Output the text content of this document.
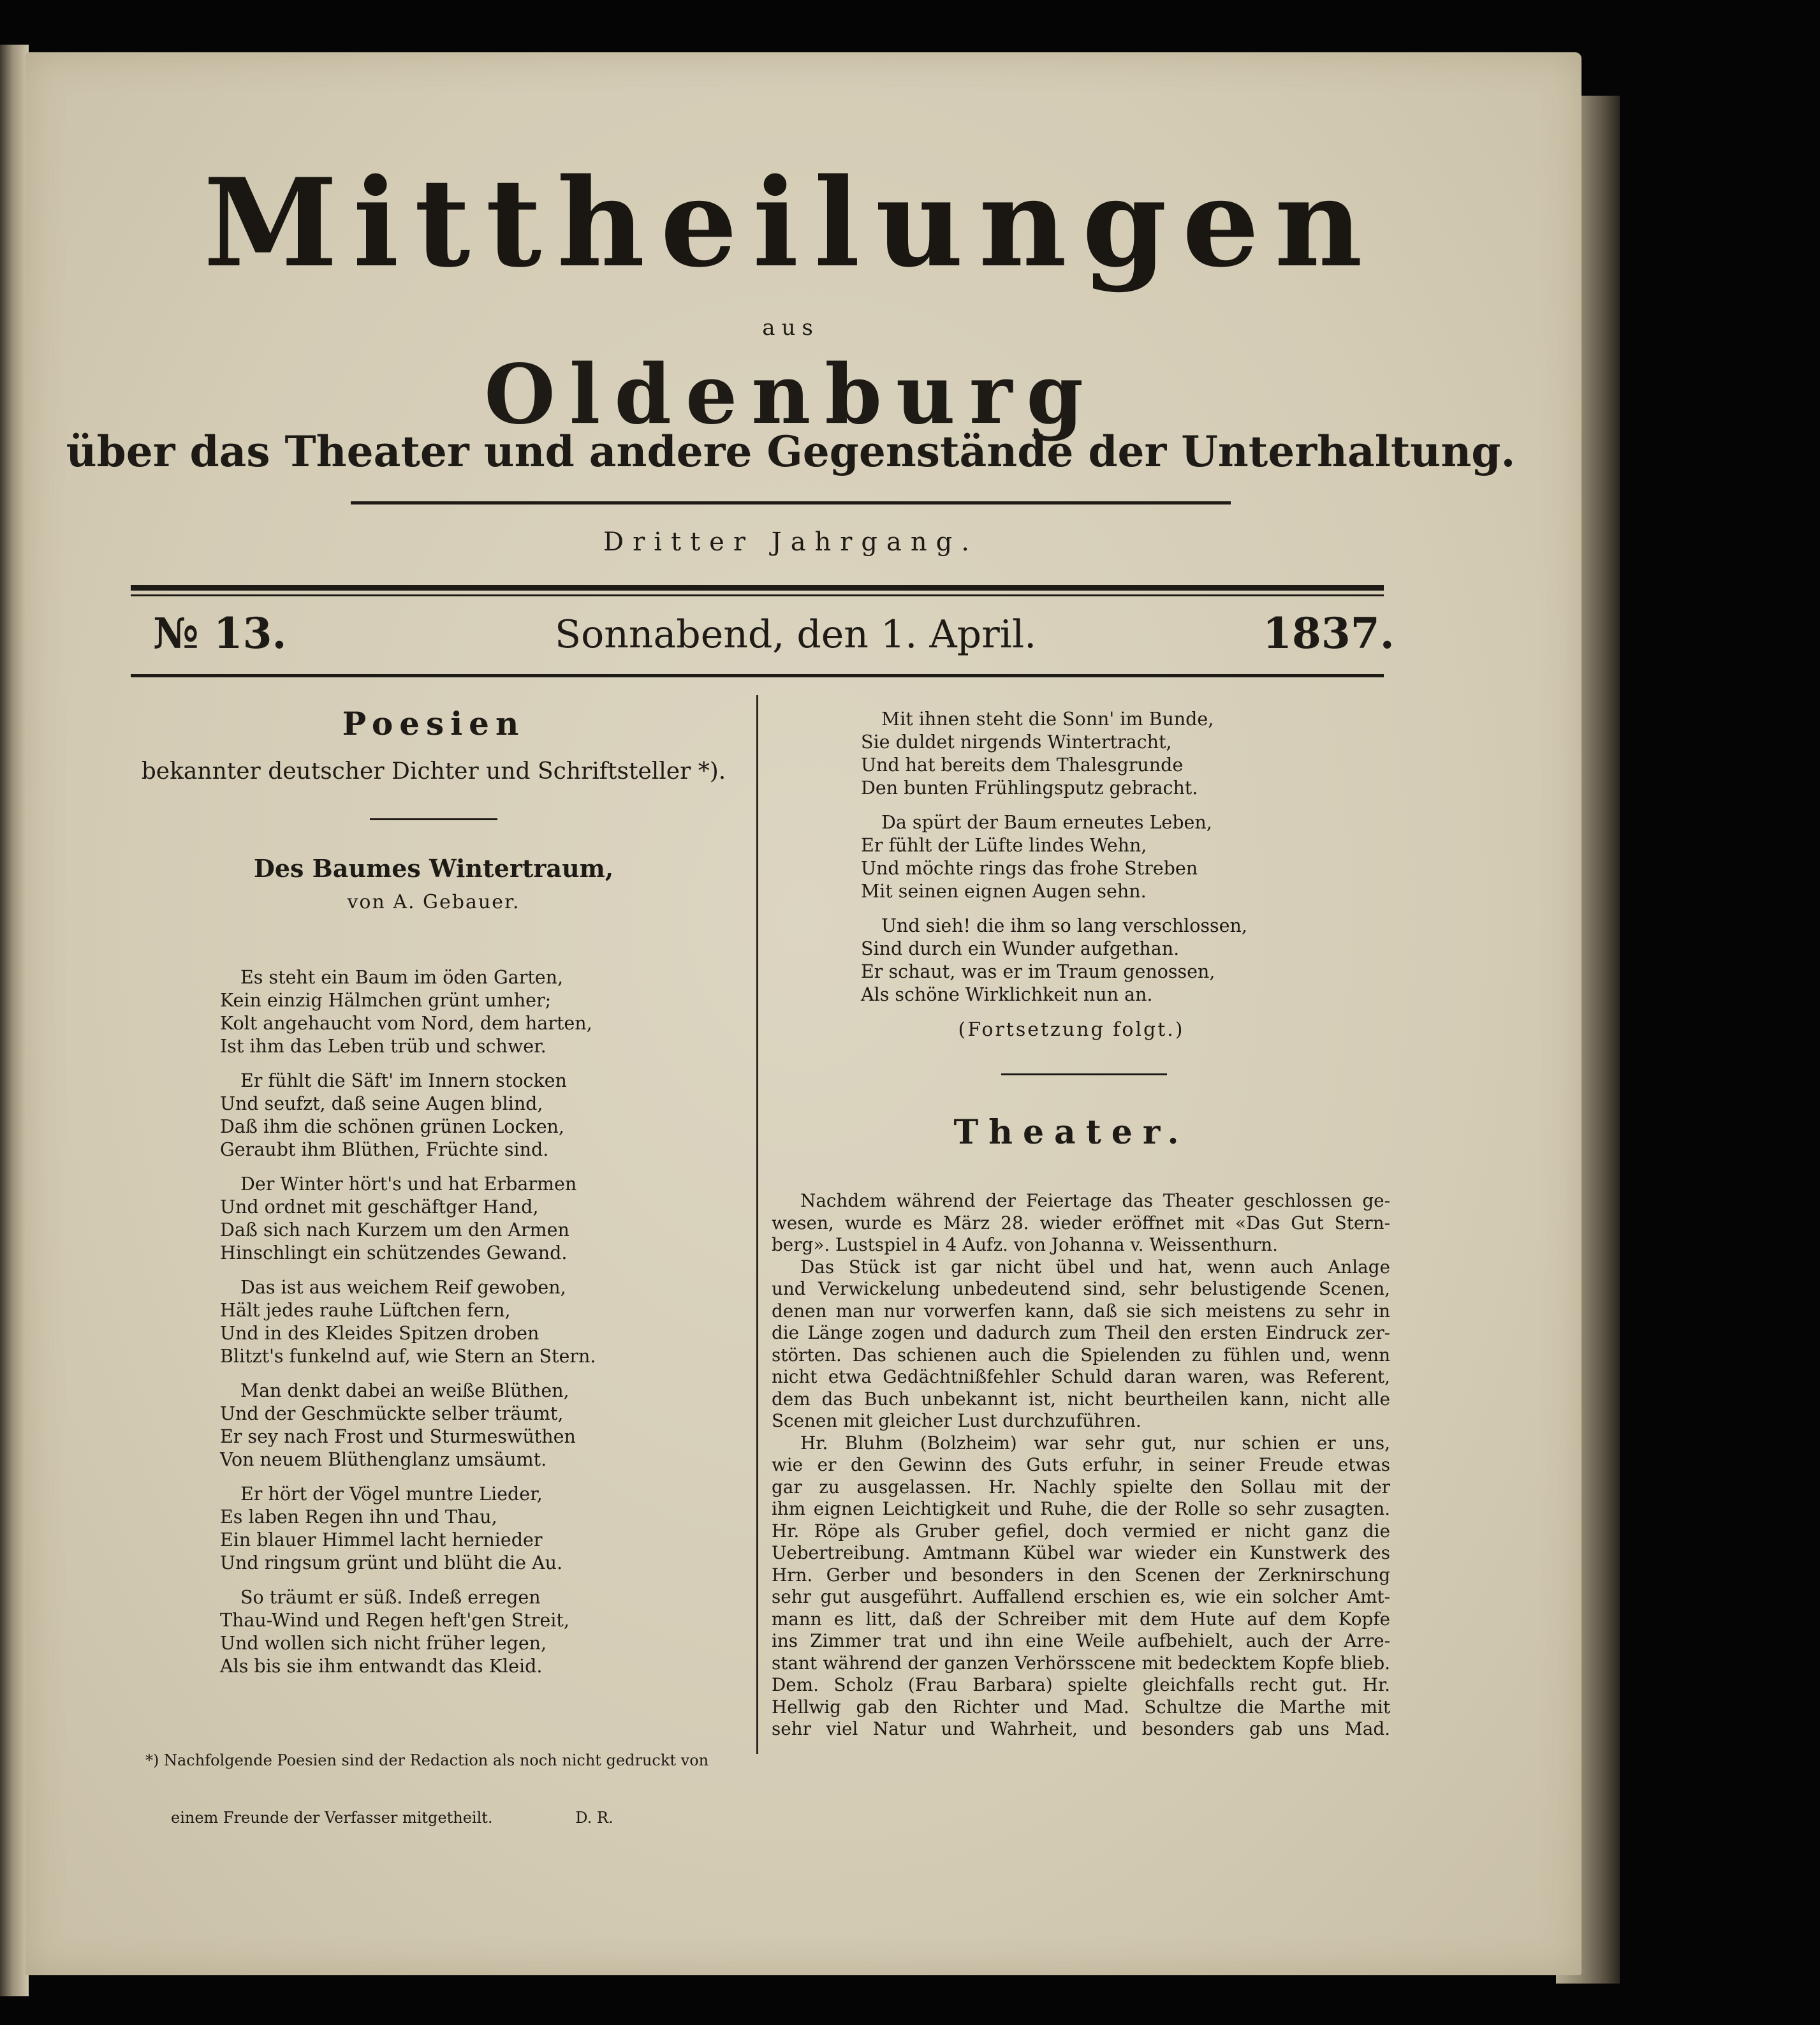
Mittheilungen
aus
Oldenburg
über das Theater und andere Gegenstände der Unterhaltung.
Dritter Jahrgang.
№ 13.	Sonnabend, den 1. April.	1837.
Poesien
bekannter deutscher Dichter und Schriftsteller *).
Des Baumes Wintertraum,
von A. Gebauer.
Es steht ein Baum im öden Garten,
Kein einzig Hälmchen grünt umher;
Kolt angehaucht vom Nord, dem harten,
Ist ihm das Leben trüb und schwer.
Er fühlt die Säft' im Innern stocken
Und seufzt, daß seine Augen blind,
Daß ihm die schönen grünen Locken,
Geraubt ihm Blüthen, Früchte sind.
Der Winter hört's und hat Erbarmen
Und ordnet mit geschäftger Hand,
Daß sich nach Kurzem um den Armen
Hinschlingt ein schützendes Gewand.
Das ist aus weichem Reif gewoben,
Hält jedes rauhe Lüftchen fern,
Und in des Kleides Spitzen droben
Blitzt's funkelnd auf, wie Stern an Stern.
Man denkt dabei an weiße Blüthen,
Und der Geschmückte selber träumt,
Er sey nach Frost und Sturmeswüthen
Von neuem Blüthenglanz umsäumt.
Er hört der Vögel muntre Lieder,
Es laben Regen ihn und Thau,
Ein blauer Himmel lacht hernieder
Und ringsum grünt und blüht die Au.
So träumt er süß. Indeß erregen
Thau-Wind und Regen heft'gen Streit,
Und wollen sich nicht früher legen,
Als bis sie ihm entwandt das Kleid.

*) Nachfolgende Poesien sind der Redaction als noch nicht gedruckt von

einem Freunde der Verfasser mitgetheilt.                 D. R.

Mit ihnen steht die Sonn' im Bunde,
Sie duldet nirgends Wintertracht,
Und hat bereits dem Thalesgrunde
Den bunten Frühlingsputz gebracht.
Da spürt der Baum erneutes Leben,
Er fühlt der Lüfte lindes Wehn,
Und möchte rings das frohe Streben
Mit seinen eignen Augen sehn.
Und sieh! die ihm so lang verschlossen,
Sind durch ein Wunder aufgethan.
Er schaut, was er im Traum genossen,
Als schöne Wirklichkeit nun an.
(Fortsetzung folgt.)
Theater.
Nachdem während der Feiertage das Theater geschlossen ge-
wesen, wurde es März 28. wieder eröffnet mit «Das Gut Stern-
berg». Lustspiel in 4 Aufz. von Johanna v. Weissenthurn.
Das Stück ist gar nicht übel und hat, wenn auch Anlage
und Verwickelung unbedeutend sind, sehr belustigende Scenen,
denen man nur vorwerfen kann, daß sie sich meistens zu sehr in
die Länge zogen und dadurch zum Theil den ersten Eindruck zer-
störten. Das schienen auch die Spielenden zu fühlen und, wenn
nicht etwa Gedächtnißfehler Schuld daran waren, was Referent,
dem das Buch unbekannt ist, nicht beurtheilen kann, nicht alle
Scenen mit gleicher Lust durchzuführen.
Hr. Bluhm (Bolzheim) war sehr gut, nur schien er uns,
wie er den Gewinn des Guts erfuhr, in seiner Freude etwas
gar zu ausgelassen. Hr. Nachly spielte den Sollau mit der
ihm eignen Leichtigkeit und Ruhe, die der Rolle so sehr zusagten.
Hr. Röpe als Gruber gefiel, doch vermied er nicht ganz die
Uebertreibung. Amtmann Kübel war wieder ein Kunstwerk des
Hrn. Gerber und besonders in den Scenen der Zerknirschung
sehr gut ausgeführt. Auffallend erschien es, wie ein solcher Amt-
mann es litt, daß der Schreiber mit dem Hute auf dem Kopfe
ins Zimmer trat und ihn eine Weile aufbehielt, auch der Arre-
stant während der ganzen Verhörsscene mit bedecktem Kopfe blieb.
Dem. Scholz (Frau Barbara) spielte gleichfalls recht gut. Hr.
Hellwig gab den Richter und Mad. Schultze die Marthe mit
sehr viel Natur und Wahrheit, und besonders gab uns Mad.
